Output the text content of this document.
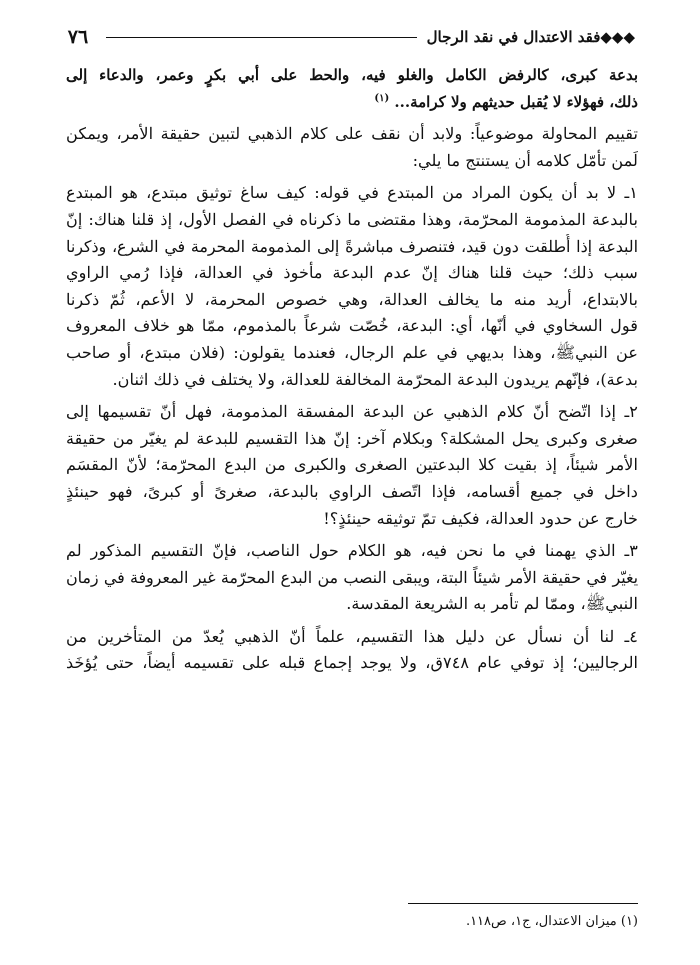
◆◆◆فقد الاعتدال في نقد الرجال
٧٦
بدعة كبرى، كالرفض الكامل والغلو فيه، والحط على أبي بكرٍ وعمر، والدعاء إلى
ذلك، فهؤلاء لا يُقبل حديثهم ولا كرامة... $^{(١)}$
تقييم المحاولة موضوعياً: ولابد أن نقف على كلام الذهبي لتبين حقيقة الأمر، ويمكن
لَمن تأمّل كلامه أن يستنتج ما يلي:
١ـ لا بد أن يكون المراد من المبتدع في قوله: كيف ساغ توثيق مبتدع، هو المبتدع
بالبدعة المذمومة المحرّمة، وهذا مقتضى ما ذكرناه في الفصل الأول، إذ قلنا هناك: إنّ
البدعة إذا أُطلقت دون قيد، فتنصرف مباشرةً إلى المذمومة المحرمة في الشرع، وذكرنا
سبب ذلك؛ حيث قلنا هناك إنّ عدم البدعة مأخوذ في العدالة، فإذا رُمي الراوي
بالابتداع، أريد منه ما يخالف العدالة، وهي خصوص المحرمة، لا الأعم، ثُمّ ذكرنا
قول السخاوي في أنّها، أي: البدعة، خُصّت شرعاً بالمذموم، ممّا هو خلاف المعروف
عن النبيﷺ، وهذا بديهي في علم الرجال، فعندما يقولون: (فلان مبتدع، أو صاحب
بدعة)، فإنّهم يريدون البدعة المحرّمة المخالفة للعدالة، ولا يختلف في ذلك اثنان.
٢ـ إذا اتّضح أنّ كلام الذهبي عن البدعة المفسقة المذمومة، فهل أنّ تقسيمها إلى
صغرى وكبرى يحل المشكلة؟ وبكلام آخر: إنّ هذا التقسيم للبدعة لم يغيّر من حقيقة
الأمر شيئاً، إذ بقيت كلا البدعتين الصغرى والكبرى من البدع المحرّمة؛ لأنّ المقسَم
داخل في جميع أقسامه، فإذا اتّصف الراوي بالبدعة، صغرىً أو كبرىً، فهو حينئذٍ
خارج عن حدود العدالة، فكيف تمّ توثيقه حينئذٍ؟!
٣ـ الذي يهمنا في ما نحن فيه، هو الكلام حول الناصب، فإنّ التقسيم المذكور لم
يغيّر في حقيقة الأمر شيئاً البتة، ويبقى النصب من البدع المحرّمة غير المعروفة في زمان
النبيﷺ، وممّا لم تأمر به الشريعة المقدسة.
٤ـ لنا أن نسأل عن دليل هذا التقسيم، علماً أنّ الذهبي يُعدّ من المتأخرين من
الرجاليين؛ إذ توفي عام ٧٤٨ق، ولا يوجد إجماع قبله على تقسيمه أيضاً، حتى يُؤخَذ
(١) ميزان الاعتدال، ج١، ص١١٨.
